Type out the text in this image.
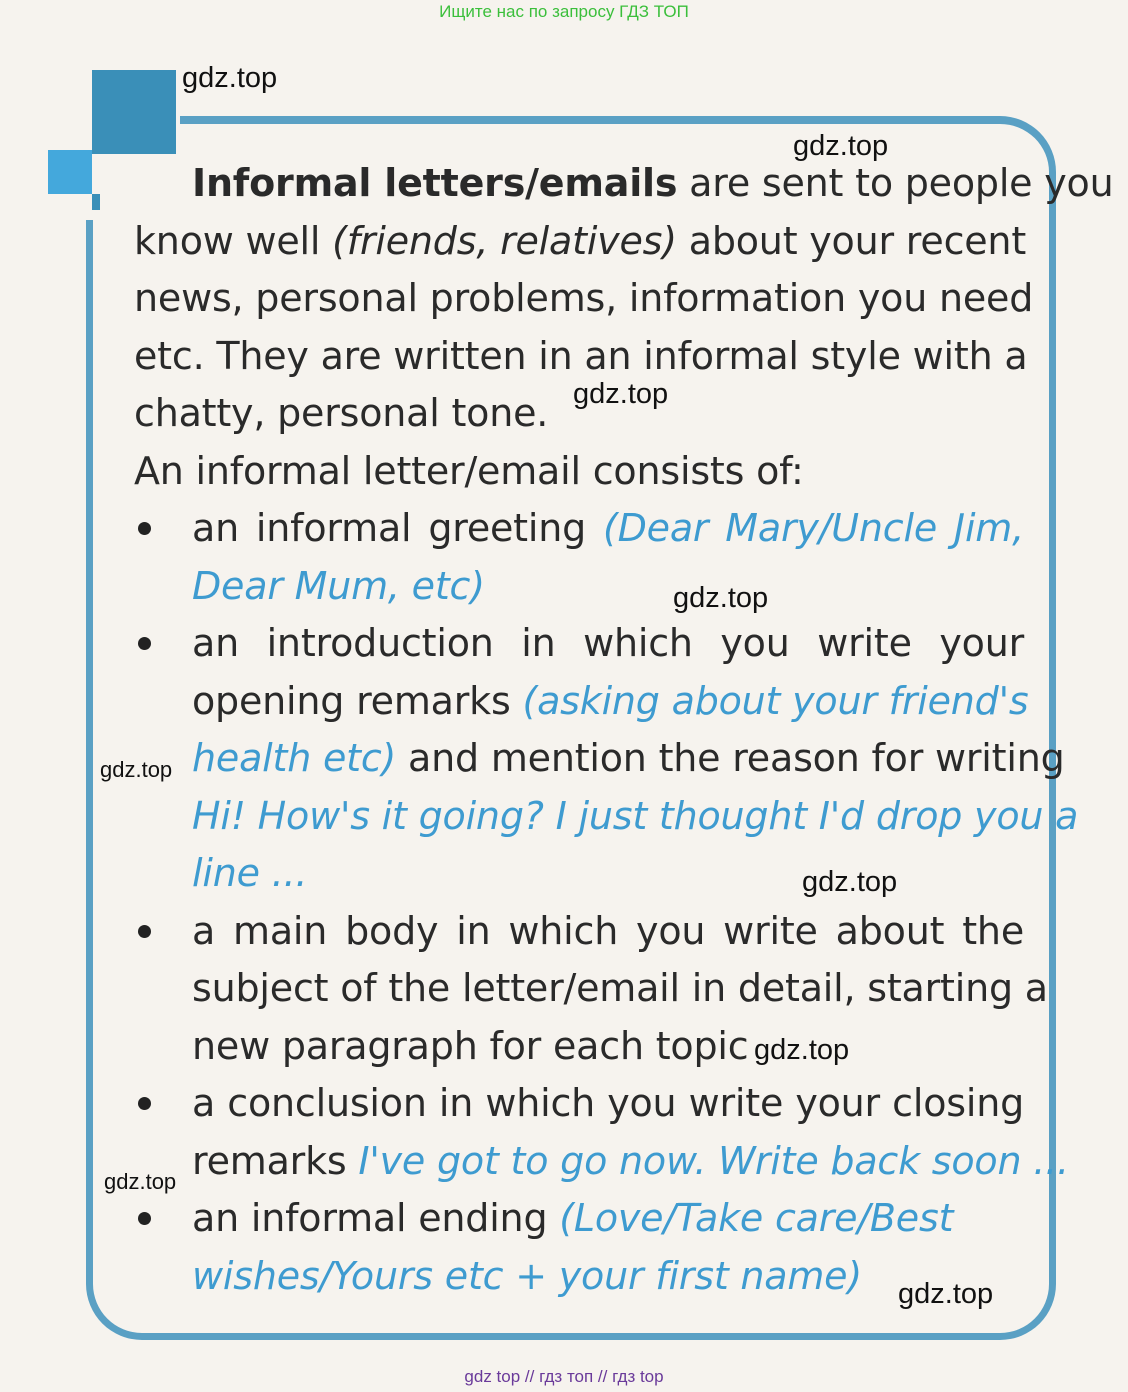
Ищите нас по запросу ГДЗ ТОП
Informal letters/emails are sent to people you
know well (friends, relatives) about your recent
news, personal problems, information you need
etc. They are written in an informal style with a
chatty, personal tone.
An informal letter/email consists of:
an informal greeting (Dear Mary/Uncle Jim,
Dear Mum, etc)
an introduction in which you write your
opening remarks (asking about your friend's
health etc) and mention the reason for writing
Hi! How's it going? I just thought I'd drop you a
line ...
a main body in which you write about the
subject of the letter/email in detail, starting a
new paragraph for each topic
a conclusion in which you write your closing
remarks I've got to go now. Write back soon ...
an informal ending (Love/Take care/Best
wishes/Yours etc + your first name)
gdz.top
gdz.top
gdz.top
gdz.top
gdz.top
gdz.top
gdz.top
gdz.top
gdz.top
gdz top // гдз топ // гдз top
